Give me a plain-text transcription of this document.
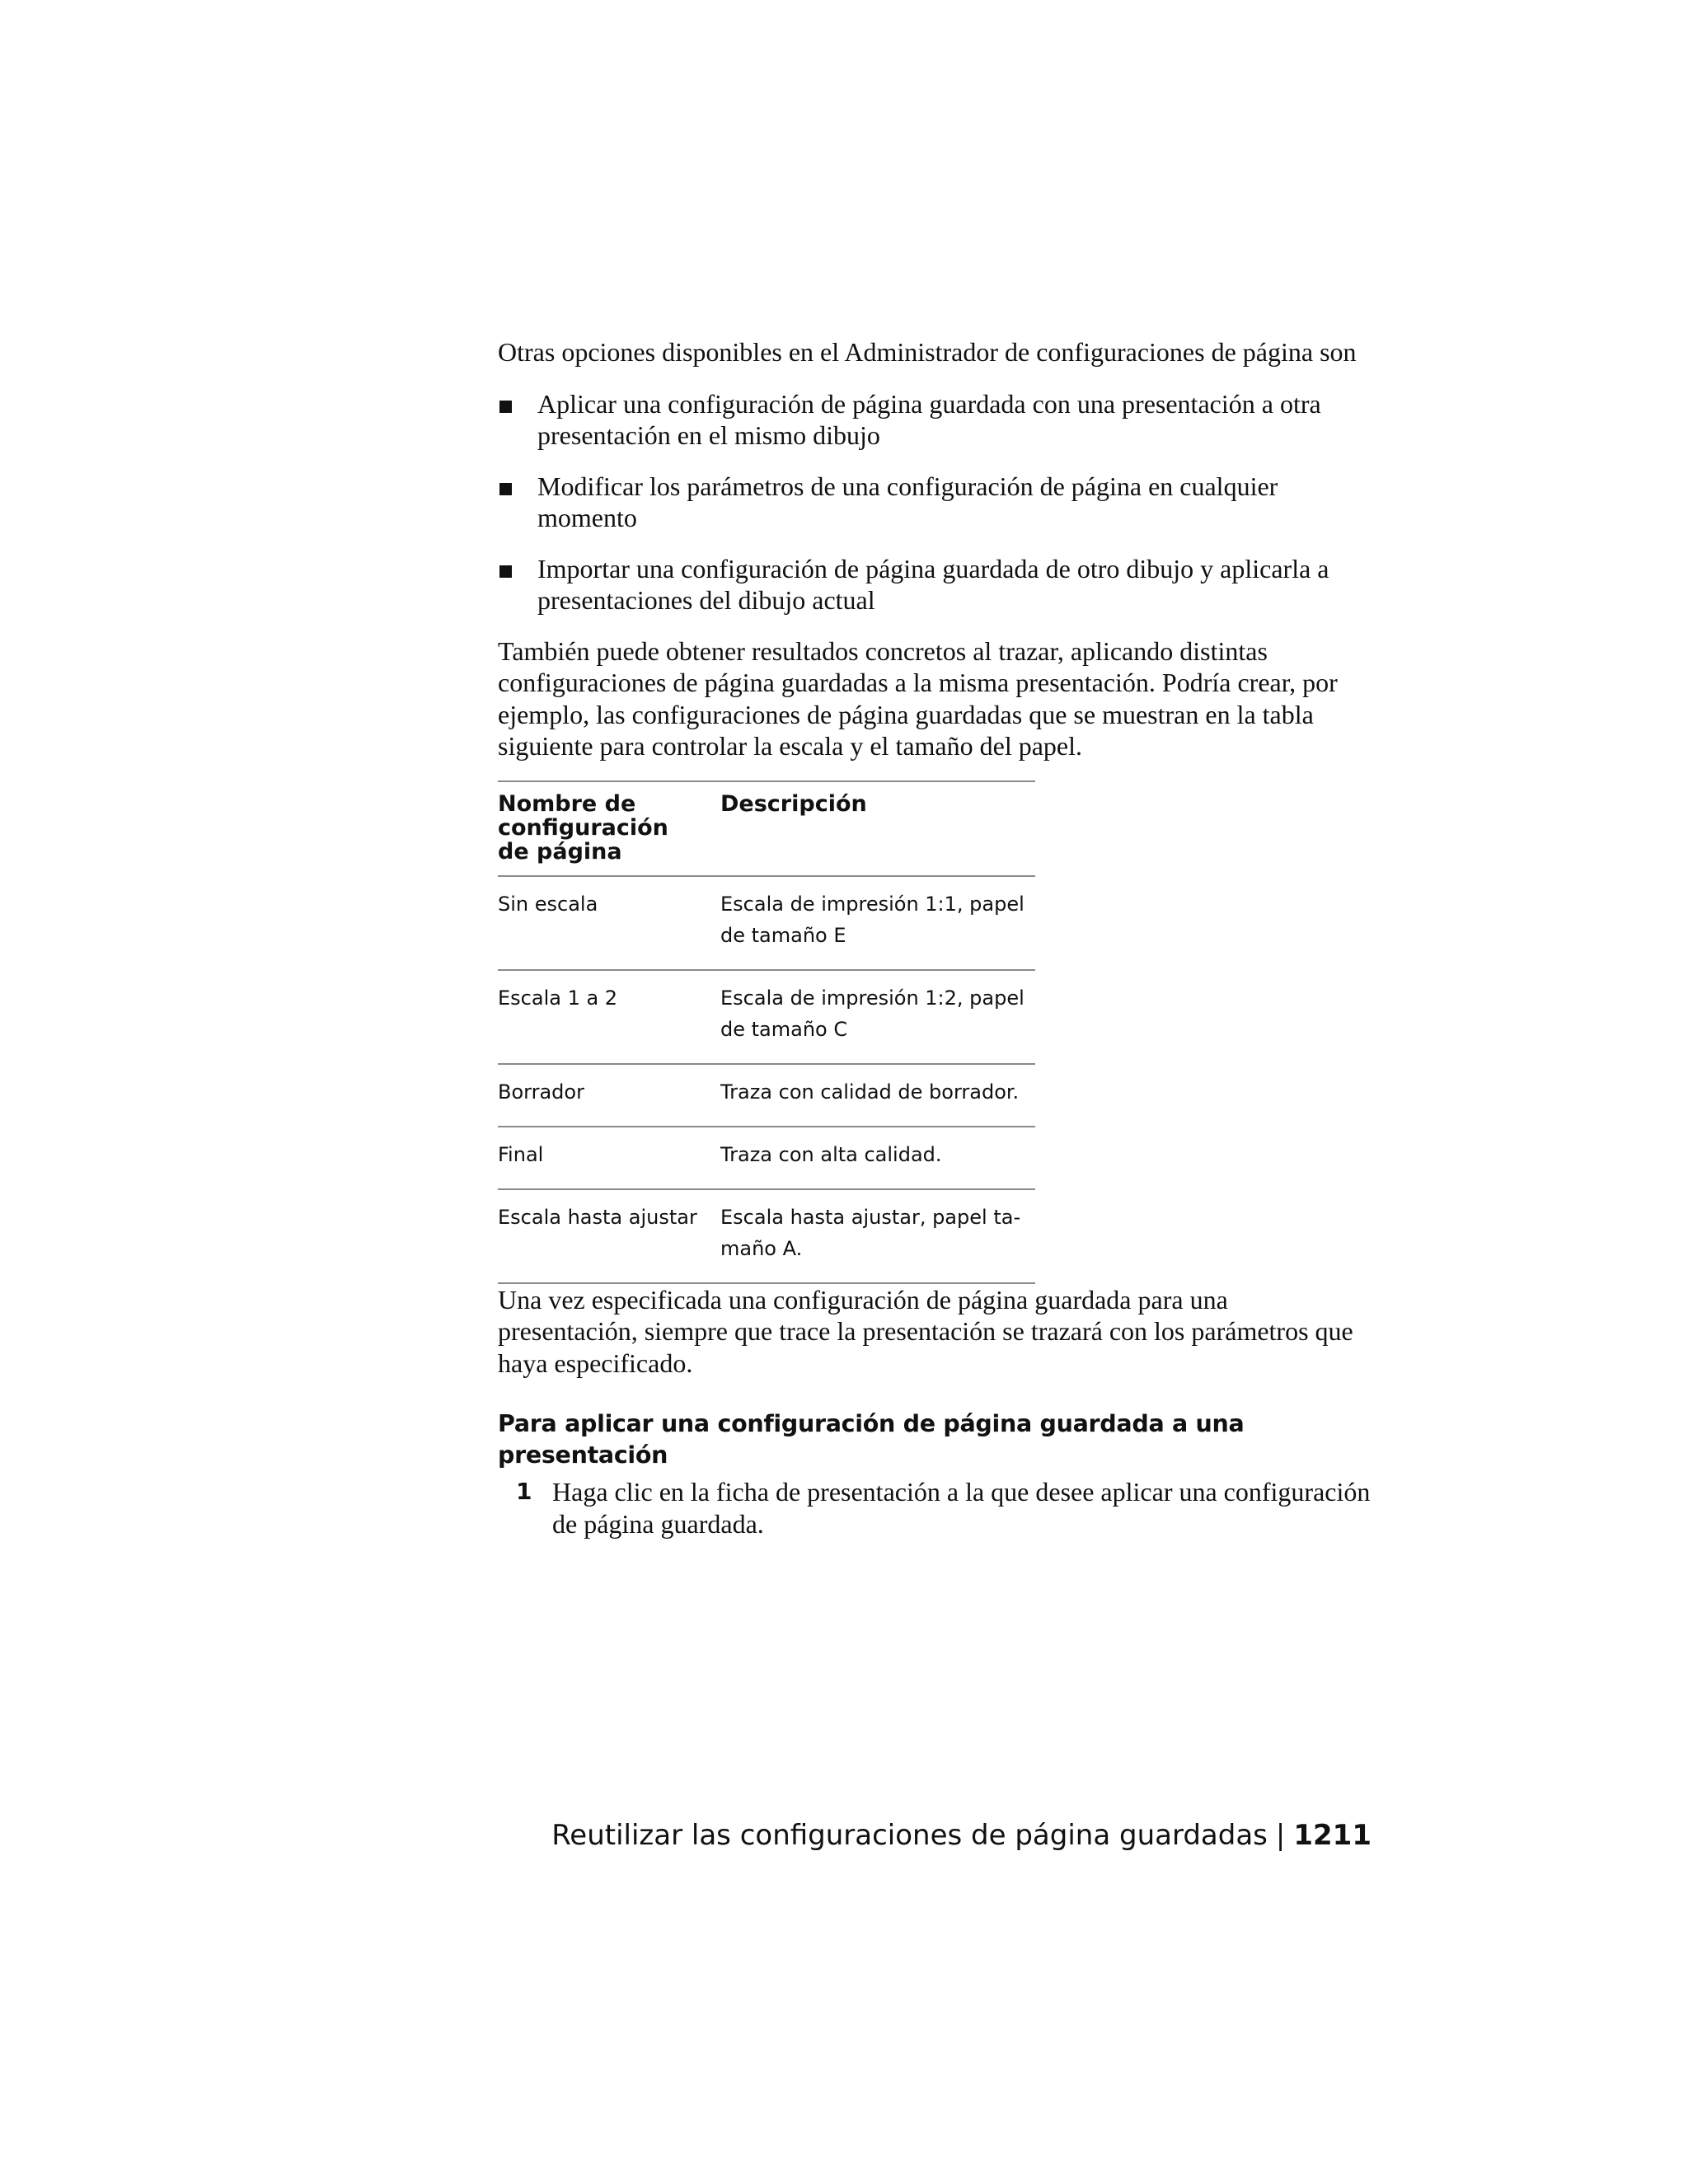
Otras opciones disponibles en el Administrador de configuraciones de página son

Aplicar una configuración de página guardada con una presentación a otra presentación en el mismo dibujo
Modificar los parámetros de una configuración de página en cualquier momento
Importar una configuración de página guardada de otro dibujo y aplicarla a presentaciones del dibujo actual

También puede obtener resultados concretos al trazar, aplicando distintas configuraciones de página guardadas a la misma presentación. Podría crear, por ejemplo, las configuraciones de página guardadas que se muestran en la tabla siguiente para controlar la escala y el tamaño del papel.

Nombre de configuración de página	Descripción
Sin escala	Escala de impresión 1:1, papel de tamaño E

Escala 1 a 2	Escala de impresión 1:2, papel de tamaño C

Borrador	Traza con calidad de borrador.

Final	Traza con alta calidad.

Escala hasta ajustar	Escala hasta ajustar, papel tamaño A.

Una vez especificada una configuración de página guardada para una presentación, siempre que trace la presentación se trazará con los parámetros que haya especificado.

Para aplicar una configuración de página guardada a una presentación
1 Haga clic en la ficha de presentación a la que desee aplicar una configuración de página guardada.
Reutilizar las configuraciones de página guardadas | 1211
